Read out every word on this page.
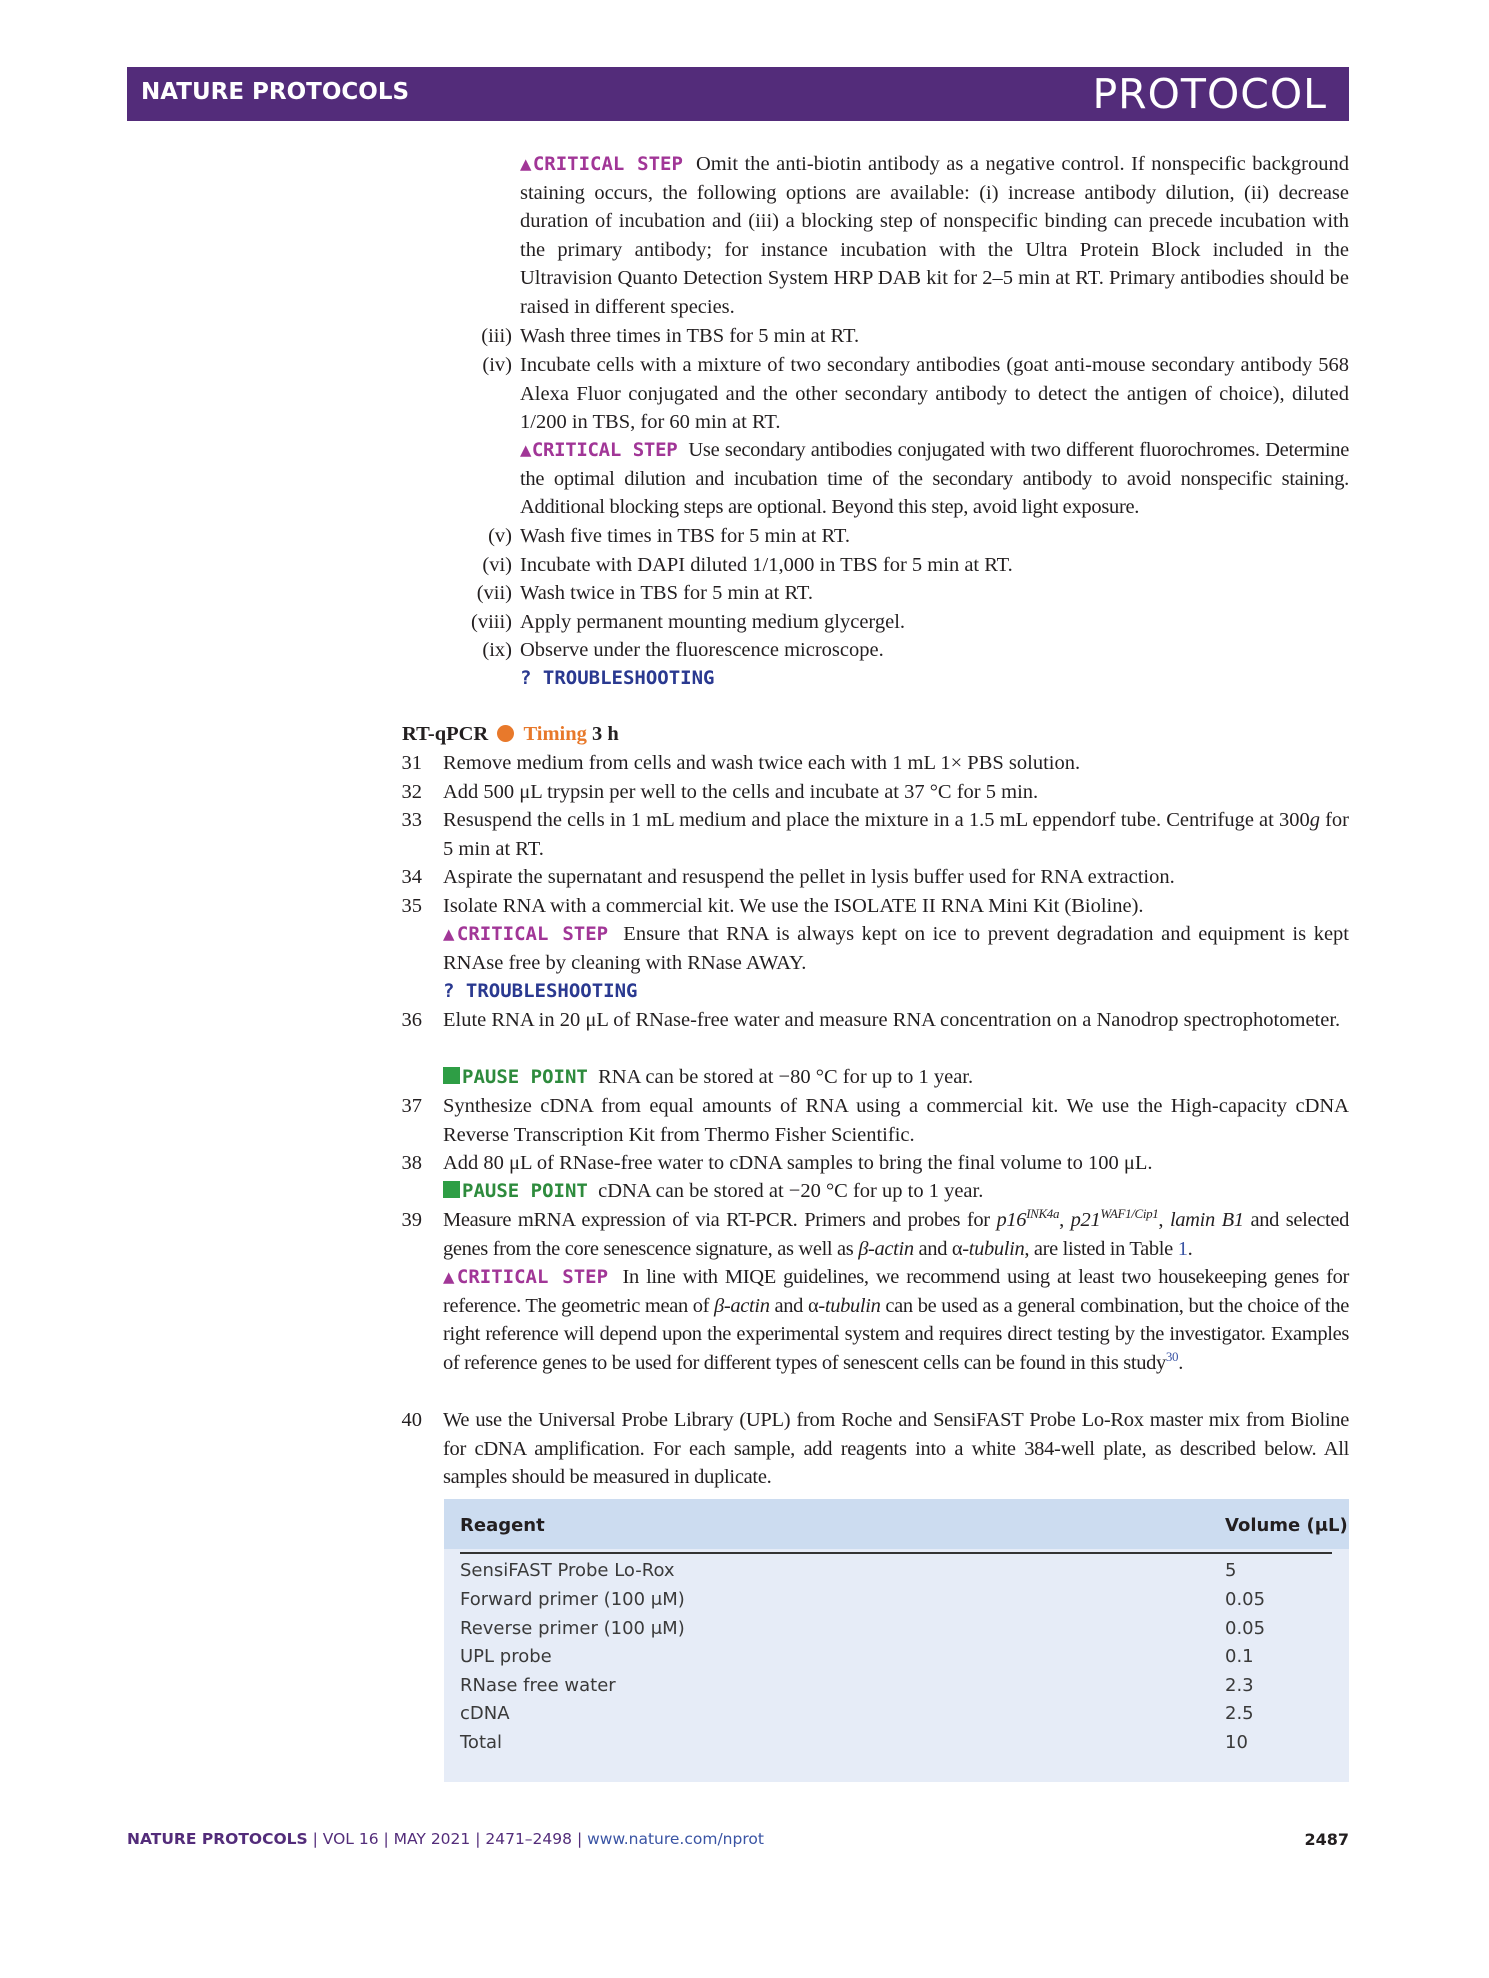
NATURE PROTOCOLS	PROTOCOL
▲CRITICAL STEP Omit the anti-biotin antibody as a negative control. If nonspecific background staining occurs, the following options are available: (i) increase antibody dilution, (ii) decrease duration of incubation and (iii) a blocking step of nonspecific binding can precede incubation with the primary antibody; for instance incubation with the Ultra Protein Block included in the Ultravision Quanto Detection System HRP DAB kit for 2–5 min at RT. Primary antibodies should be raised in different species.
(iii) Wash three times in TBS for 5 min at RT.
(iv) Incubate cells with a mixture of two secondary antibodies (goat anti-mouse secondary antibody 568 Alexa Fluor conjugated and the other secondary antibody to detect the antigen of choice), diluted 1/200 in TBS, for 60 min at RT.
▲CRITICAL STEP Use secondary antibodies conjugated with two different fluorochromes. Determine the optimal dilution and incubation time of the secondary antibody to avoid nonspecific staining. Additional blocking steps are optional. Beyond this step, avoid light exposure.
(v) Wash five times in TBS for 5 min at RT.
(vi) Incubate with DAPI diluted 1/1,000 in TBS for 5 min at RT.
(vii) Wash twice in TBS for 5 min at RT.
(viii) Apply permanent mounting medium glycergel.
(ix) Observe under the fluorescence microscope.
? TROUBLESHOOTING
RT-qPCR Timing 3 h
31 Remove medium from cells and wash twice each with 1 mL 1× PBS solution.
32 Add 500 μL trypsin per well to the cells and incubate at 37 °C for 5 min.
33 Resuspend the cells in 1 mL medium and place the mixture in a 1.5 mL eppendorf tube. Centrifuge at 300g for 5 min at RT.
34 Aspirate the supernatant and resuspend the pellet in lysis buffer used for RNA extraction.
35 Isolate RNA with a commercial kit. We use the ISOLATE II RNA Mini Kit (Bioline).
▲CRITICAL STEP Ensure that RNA is always kept on ice to prevent degradation and equipment is kept RNAse free by cleaning with RNase AWAY.
? TROUBLESHOOTING
36 Elute RNA in 20 μL of RNase-free water and measure RNA concentration on a Nanodrop spectrophotometer.
PAUSE POINT RNA can be stored at −80 °C for up to 1 year.
37 Synthesize cDNA from equal amounts of RNA using a commercial kit. We use the High-capacity cDNA Reverse Transcription Kit from Thermo Fisher Scientific.
38 Add 80 μL of RNase-free water to cDNA samples to bring the final volume to 100 μL.
PAUSE POINT cDNA can be stored at −20 °C for up to 1 year.
39 Measure mRNA expression of via RT-PCR. Primers and probes for $p16^{INK4a}$, $p21^{WAF1/Cip1}$, lamin B1 and selected genes from the core senescence signature, as well as β-actin and α-tubulin, are listed in Table 1.
▲CRITICAL STEP In line with MIQE guidelines, we recommend using at least two housekeeping genes for reference. The geometric mean of β-actin and α-tubulin can be used as a general combination, but the choice of the right reference will depend upon the experimental system and requires direct testing by the investigator. Examples of reference genes to be used for different types of senescent cells can be found in this study$^{30}$.
40 We use the Universal Probe Library (UPL) from Roche and SensiFAST Probe Lo-Rox master mix from Bioline for cDNA amplification. For each sample, add reagents into a white 384-well plate, as described below. All samples should be measured in duplicate.
Reagent	Volume (μL)
SensiFAST Probe Lo-Rox	5
Forward primer (100 μM)	0.05
Reverse primer (100 μM)	0.05
UPL probe	0.1
RNase free water	2.3
cDNA	2.5
Total	10
NATURE PROTOCOLS | VOL 16 | MAY 2021 | 2471–2498 | www.nature.com/nprot	2487
